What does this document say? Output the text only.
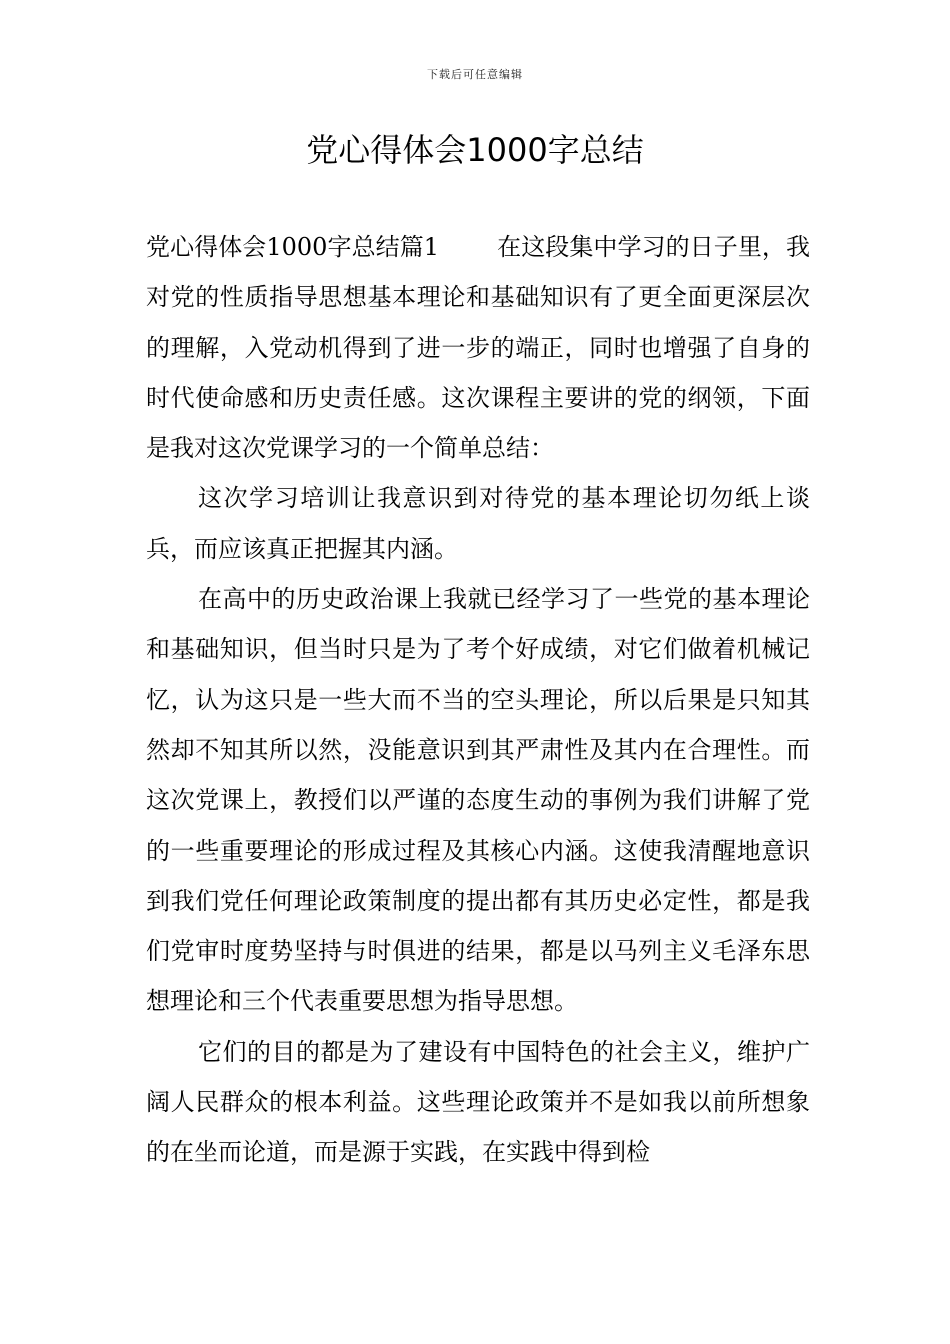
下载后可任意编辑
党心得体会1000字总结

党心得体会1000字总结篇1 在这段集中学习的日子里，我对党的性质指导思想基本理论和基础知识有了更全面更深层次的理解，入党动机得到了进一步的端正，同时也增强了自身的时代使命感和历史责任感。这次课程主要讲的党的纲领，下面是我对这次党课学习的一个简单总结：

这次学习培训让我意识到对待党的基本理论切勿纸上谈兵，而应该真正把握其内涵。

在高中的历史政治课上我就已经学习了一些党的基本理论和基础知识，但当时只是为了考个好成绩，对它们做着机械记忆，认为这只是一些大而不当的空头理论，所以后果是只知其然却不知其所以然，没能意识到其严肃性及其内在合理性。而这次党课上，教授们以严谨的态度生动的事例为我们讲解了党的一些重要理论的形成过程及其核心内涵。这使我清醒地意识到我们党任何理论政策制度的提出都有其历史必定性，都是我们党审时度势坚持与时俱进的结果，都是以马列主义毛泽东思想理论和三个代表重要思想为指导思想。

它们的目的都是为了建设有中国特色的社会主义，维护广阔人民群众的根本利益。这些理论政策并不是如我以前所想象的在坐而论道，而是源于实践，在实践中得到检
